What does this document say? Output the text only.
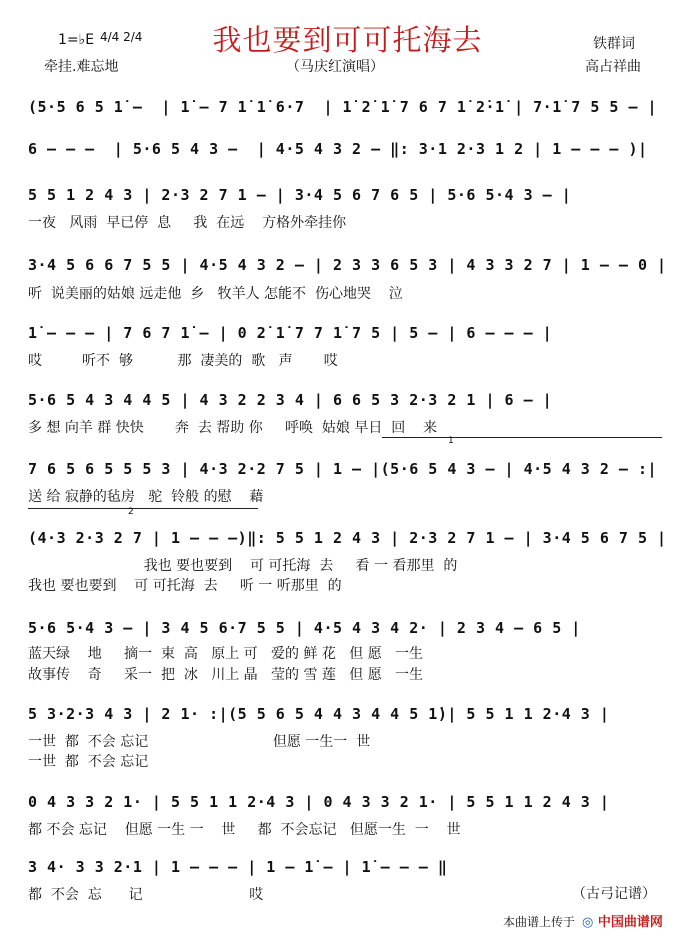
1=♭E 4/4 2/4	我也要到可可托海去	铁群词
牵挂.难忘地	（马庆红演唱）	高占祥曲
(5·5 6 5 1̇ –  | 1̇ – 7 1̇ 1̇ 6·7  | 1̇ 2̇ 1̇ 7 6 7 1̇ 2̇·1̇ | 7·1̇ 7 5 5 – |
6 – – –  | 5·6 5 4 3 –  | 4·5 4 3 2 – ‖: 3·1 2·3 1 2 | 1 – – – )|
5 5 1 2 4 3 | 2·3 2 7 1 – | 3·4 5 6 7 6 5 | 5·6 5·4 3 – |
一夜   风雨  早已停  息     我  在远    方格外牵挂你
3·4 5 6 6 7 5 5 | 4·5 4 3 2 – | 2 3 3 6 5 3 | 4 3 3 2 7 | 1 – – 0 |
听  说美丽的姑娘 远走他  乡   牧羊人 怎能不  伤心地哭    泣
1̇ – – – | 7 6 7 1̇ – | 0 2̇ 1̇ 7 7 1̇ 7 5 | 5 – | 6 – – – |
哎         听不  够          那  凄美的  歌   声       哎
5·6 5 4 3 4 4 5 | 4 3 2 2 3 4 | 6 6 5 3 2·3 2 1 | 6 – |
多 想 向羊 群 快快       奔  去 帮助 你     呼唤  姑娘 早日  回    来
1
7 6 5 6 5 5 5 3 | 4·3 2·2 7 5 | 1 – |(5·6 5 4 3 – | 4·5 4 3 2 – :|
送 给 寂静的毡房   驼  铃般 的慰    藉
2
(4·3 2·3 2 7 | 1 – – –)‖: 5 5 1 2 4 3 | 2·3 2 7 1 – | 3·4 5 6 7 5 |
我也 要也要到    可 可托海  去     看 一 看那里  的
我也 要也要到    可 可托海  去     听 一 听那里  的
5·6 5·4 3 – | 3 4 5 6·7 5 5 | 4·5 4 3 4 2· | 2 3 4 – 6 5 |
蓝天绿    地     摘一  束  高   原上 可   爱的 鲜 花   但 愿   一生
故事传    奇     采一  把  冰   川上 晶   莹的 雪 莲   但 愿   一生
5 3·2·3 4 3 | 2 1· :|(5 5 6 5 4 4 3 4 4 5 1̇)| 5 5 1 1 2·4 3 |
一世  都  不会 忘记                            但愿 一生一  世
一世  都  不会 忘记
0 4 3 3 2 1· | 5 5 1 1 2·4 3 | 0 4 3 3 2 1· | 5 5 1 1 2 4 3 |
都 不会 忘记    但愿 一生 一    世     都  不会忘记   但愿一生  一    世
3 4· 3 3 2·1 | 1 – – – | 1 – 1̇ – | 1̇ – – – ‖
都  不会  忘      记                        哎	（古弓记谱）
本曲谱上传于 ◎ 中国曲谱网
